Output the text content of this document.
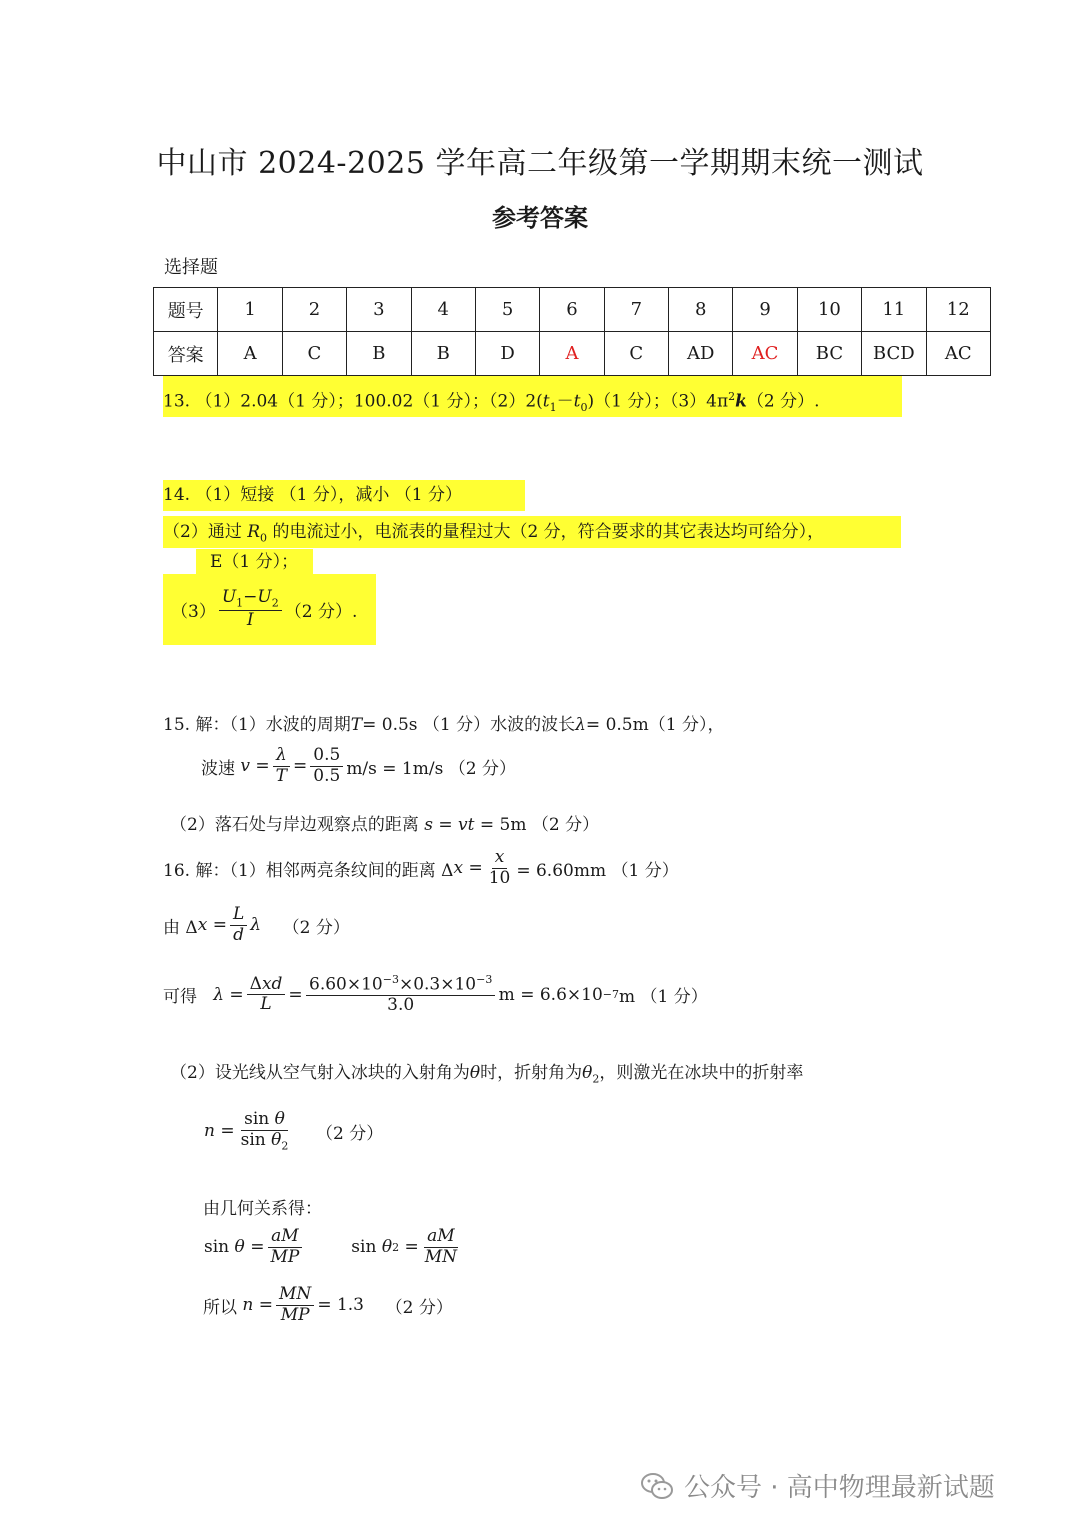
中山市 2024-2025 学年高二年级第一学期期末统一测试
参考答案
选择题
题号	1	2	3	4	5	6	7	8	9	10	11	12
答案	A	C	B	B	D	A	C	AD	AC	BC	BCD	AC
13. （1）2.04（1 分）；100.02（1 分）；$(2)2(t_1-t_0)(1$ 分）；$(3)4\pi^2k(2$ 分）.
14. （1）短接 （1 分），减小 （1 分）
（2）通过 $R_0$ 的电流过小，电流表的量程过大（2 分，符合要求的其它表达均可给分），
E（1 分）；
$(3) \frac{U_1-U_2}{I} (2$ 分）.
15. 解：（1）水波的周期T= 0.5s （1 分）水波的波长λ= 0.5m（1 分），
波速
v
= $\frac{\lambda}{T} = \frac{0.5}{0.5} m/s = 1m/s$ （2 分）
（2）落石处与岸边观察点的距离 s = vt = 5m （2 分）
16. 解：（1）相邻两亮条纹间的距离 Δ x
= $\frac{x}{10} = 6.60mm$ （1 分）
由 Δ x
= $\frac{L}{d}$ λ
（2 分）
可得
λ
= $\frac{\text{Δxd}}{L} = \frac{6.60\times 10^{-3}\times 0.3\times 10^{-3}}{3.0}$ m = 6.6×10 −7 m （1 分）
（2）设光线从空气射入冰块的入射角为θ时，折射角为$\theta_2$，则激光在冰块中的折射率
n
= $\frac{\text{sin θ}}{\sin \theta_2}$
（2 分）
由几何关系得：
sin
θ
= $\frac{aM}{MP}$	sin
θ 2
= $\frac{aM}{MN}$
所以
n
= $\frac{MN}{MP} = 1.3$
（2 分）
公众号 · 高中物理最新试题
